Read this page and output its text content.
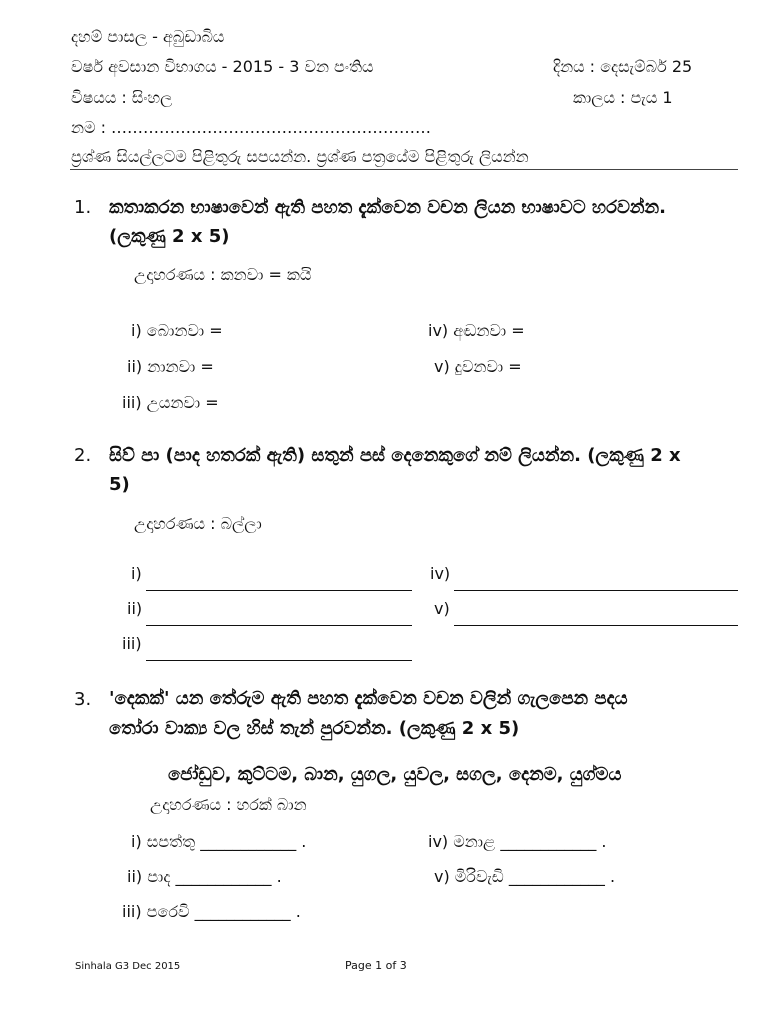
දහම් පාසල - අබුඩාබිය
වර්ෂ අවසාන විභාගය - 2015 - 3 වන පංතිය	දිනය : දෙසැම්බර් 25
විෂයය : සිංහල	කාලය : පැය 1
නම : ……………………………………………………
ප්‍රශ්ණ සියල්ලටම පිළිතුරු සපයන්න. ප්‍රශ්ණ පත්‍රයේම පිළිතුරු ලියන්න
1. කතාකරන භාෂාවෙන් ඇති පහත දැක්වෙන වචන ලියන භාෂාවට හරවන්න.
(ලකුණු 2 x 5)
උදාහරණය : කනවා = කයි
i) බොනවා =
ii) නානවා =
iii) උයනවා =
iv) අඬනවා =
v) දුවනවා =
2. සිව් පා (පාද හතරක් ඇති) සතුන් පස් දෙනෙකුගේ නම් ලියන්න. (ලකුණු 2 x
5)
උදාහරණය : බල්ලා
i)
ii)
iii)
iv)
v)
3. 'දෙකක්' යන තේරුම ඇති පහත දැක්වෙන වචන වලින් ගැලපෙන පදය
තෝරා වාක්‍ය වල හිස් තැන් පුරවන්න. (ලකුණු 2 x 5)
ජෝඩුව, කුට්ටම, බාන, යුගල, යුවල, සගල, දෙනම, යුග්මය
උදාහරණය : හරක් බාන
i) සපත්තු ____________ .
ii) පාද ____________ .
iii) පරෙවි ____________ .
iv) මනාළ ____________ .
v) මිරිවැඩි ____________ .
Sinhala G3 Dec 2015	Page 1 of 3
